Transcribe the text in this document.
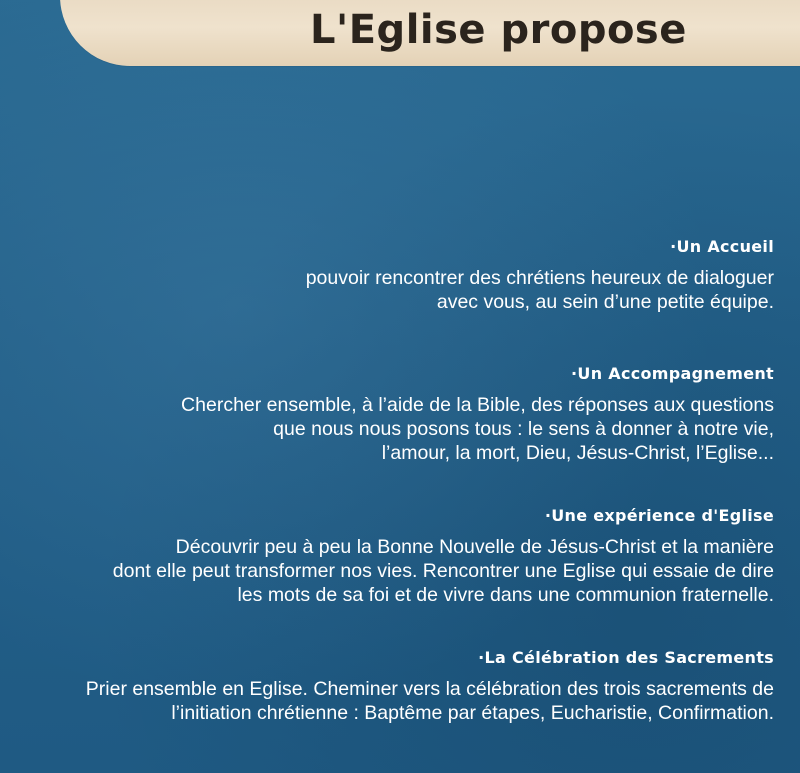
L'Eglise propose
·Un Accueil

pouvoir rencontrer des chrétiens heureux de dialoguer
avec vous, au sein d’une petite équipe.

·Un Accompagnement

Chercher ensemble, à l’aide de la Bible, des réponses aux questions
que nous nous posons tous : le sens à donner à notre vie,
l’amour, la mort, Dieu, Jésus-Christ, l’Eglise...

·Une expérience d'Eglise

Découvrir peu à peu la Bonne Nouvelle de Jésus-Christ et la manière
dont elle peut transformer nos vies. Rencontrer une Eglise qui essaie de dire
les mots de sa foi et de vivre dans une communion fraternelle.

·La Célébration des Sacrements

Prier ensemble en Eglise. Cheminer vers la célébration des trois sacrements de
l’initiation chrétienne : Baptême par étapes, Eucharistie, Confirmation.
